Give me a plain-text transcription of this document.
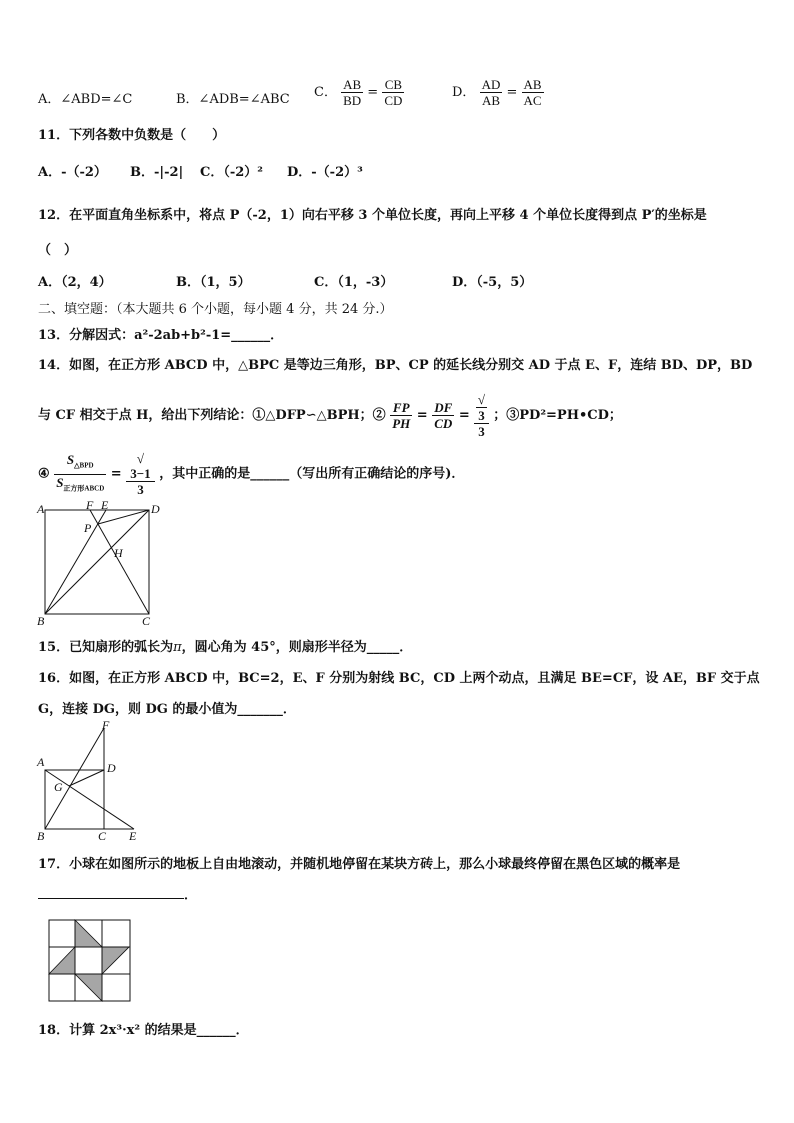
A．∠ABD=∠C	B．∠ADB=∠ABC C． $\frac{AB}{BD} = \frac{CB}{CD}$	D． $\frac{AD}{AB} = \frac{AB}{AC}$
11．下列各数中负数是（　　）
A．-（-2） B．-|-2| C．（-2）² D．-（-2）³
12．在平面直角坐标系中，将点 P（-2，1）向右平移 3 个单位长度，再向上平移 4 个单位长度得到点 P′的坐标是
（　）
A．（2，4）	B．（1，5）	C．（1，-3）	D．（-5，5）
二、填空题：（本大题共 6 个小题，每小题 4 分，共 24 分.）
13．分解因式：a²-2ab+b²-1=______．
14．如图，在正方形 ABCD 中，△BPC 是等边三角形，BP、CP 的延长线分别交 AD 于点 E、F，连结 BD、DP，BD
与 CF 相交于点 H，给出下列结论：①△DFP∽△BPH；② $\frac{FP}{PH} = \frac{DF}{CD}$ = √
3
3 ；③PD²=PH•CD；
④ $\frac{S_{\triangle BPD}}{S_{正方形ABCD}}$ = √
3−1
3 ，其中正确的是______（写出所有正确结论的序号)．
A	F E	D
P
H
B	C
15．已知扇形的弧长为π，圆心角为 45°，则扇形半径为_____．
16．如图，在正方形 ABCD 中，BC=2，E、F 分别为射线 BC，CD 上两个动点，且满足 BE=CF，设 AE，BF 交于点
G，连接 DG，则 DG 的最小值为_______．
F
A	D
G
B	C E
17．小球在如图所示的地板上自由地滚动，并随机地停留在某块方砖上，那么小球最终停留在黑色区域的概率是
．
18．计算 2x³·x² 的结果是______．
